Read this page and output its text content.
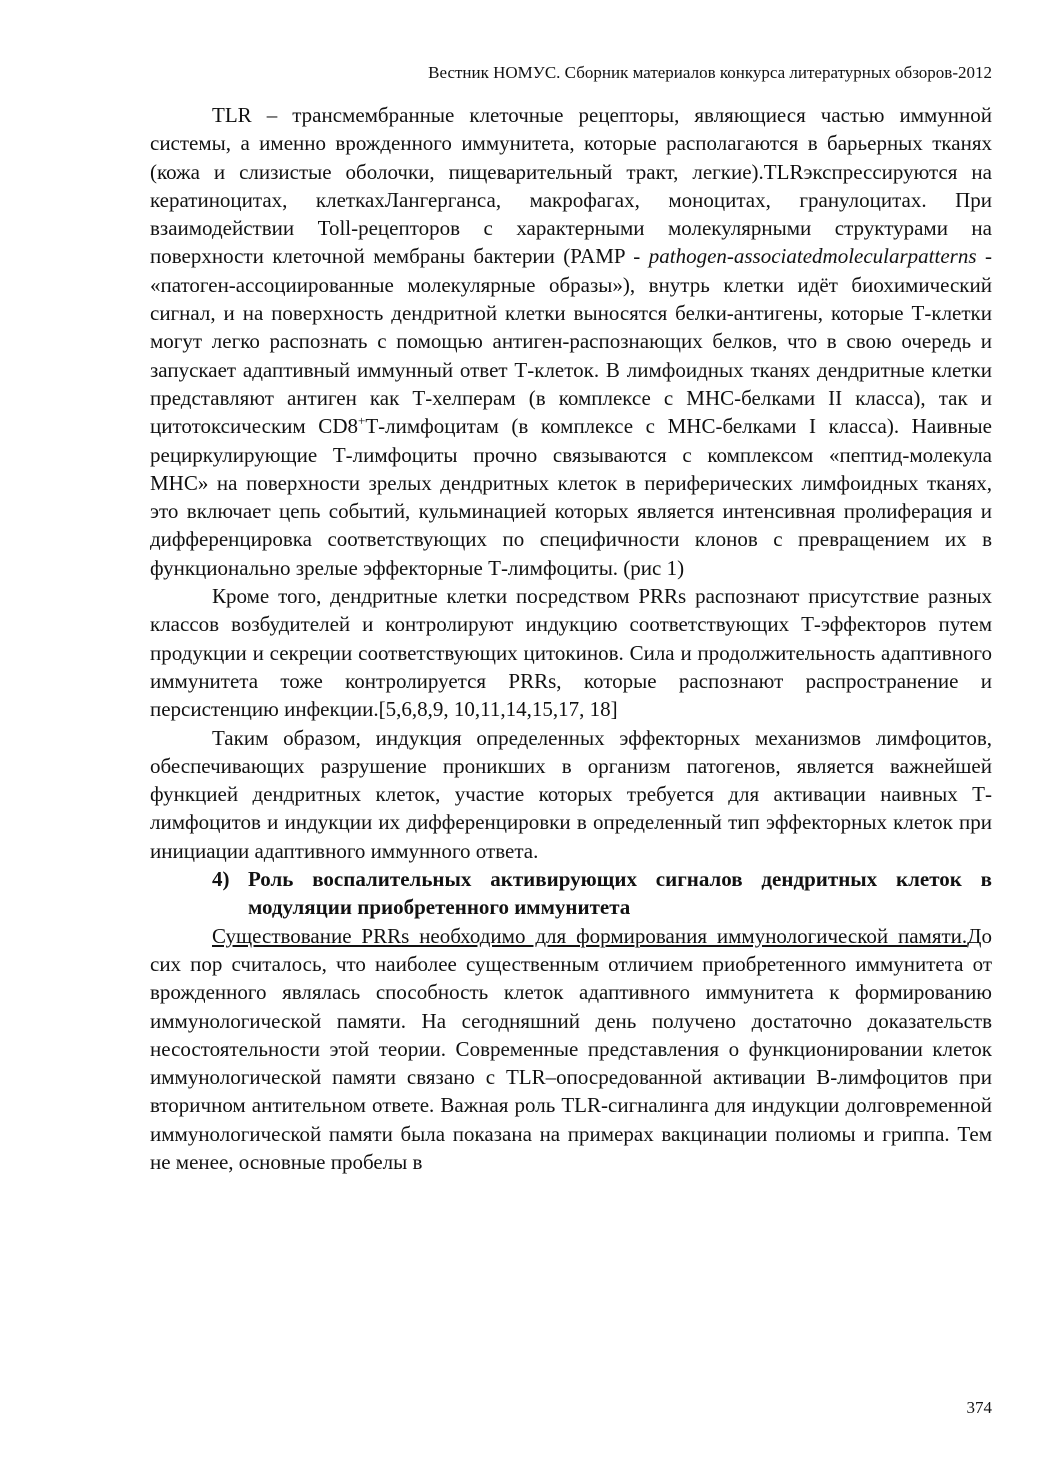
Вестник НОМУС. Сборник материалов конкурса литературных обзоров-2012

TLR – трансмембранные клеточные рецепторы, являющиеся частью иммунной системы, а именно врожденного иммунитета, которые располагаются в барьерных тканях (кожа и слизистые оболочки, пищеварительный тракт, легкие).TLRэкспрессируются на кератиноцитах, клеткахЛангерганса, макрофагах, моноцитах, гранулоцитах. При взаимодействии Toll-рецепторов с характерными молекулярными структурами на поверхности клеточной мембраны бактерии (PAMP - pathogen-associatedmolecularpatterns - «патоген-ассоциированные молекулярные образы»), внутрь клетки идёт биохимический сигнал, и на поверхность дендритной клетки выносятся белки-антигены, которые Т-клетки могут легко распознать с помощью антиген-распознающих белков, что в свою очередь и запускает адаптивный иммунный ответ Т-клеток. В лимфоидных тканях дендритные клетки представляют антиген как Т-хелперам (в комплексе с МНС-белками II класса), так и цитотоксическим CD8+Т-лимфоцитам (в комплексе с МНС-белками I класса). Наивные рециркулирующие Т-лимфоциты прочно связываются с комплексом «пептид-молекула МНС» на поверхности зрелых дендритных клеток в периферических лимфоидных тканях, это включает цепь событий, кульминацией которых является интенсивная пролиферация и дифференцировка соответствующих по специфичности клонов с превращением их в функционально зрелые эффекторные Т-лимфоциты. (рис 1)

Кроме того, дендритные клетки посредством PRRs распознают присутствие разных классов возбудителей и контролируют индукцию соответствующих Т-эффекторов путем продукции и секреции соответствующих цитокинов. Сила и продолжительность адаптивного иммунитета тоже контролируется PRRs, которые распознают распространение и персистенцию инфекции.[5,6,8,9, 10,11,14,15,17, 18]

Таким образом, индукция определенных эффекторных механизмов лимфоцитов, обеспечивающих разрушение проникших в организм патогенов, является важнейшей функцией дендритных клеток, участие которых требуется для активации наивных Т-лимфоцитов и индукции их дифференцировки в определенный тип эффекторных клеток при инициации адаптивного иммунного ответа.

4) Роль воспалительных активирующих сигналов дендритных клеток в модуляции приобретенного иммунитета

Существование PRRs необходимо для формирования иммунологической памяти.До сих пор считалось, что наиболее существенным отличием приобретенного иммунитета от врожденного являлась способность клеток адаптивного иммунитета к формированию иммунологической памяти. На сегодняшний день получено достаточно доказательств несостоятельности этой теории. Современные представления о функционировании клеток иммунологической памяти связано с TLR–опосредованной активации В-лимфоцитов при вторичном антительном ответе. Важная роль TLR-сигналинга для индукции долговременной иммунологической памяти была показана на примерах вакцинации полиомы и гриппа. Тем не менее, основные пробелы в

374
